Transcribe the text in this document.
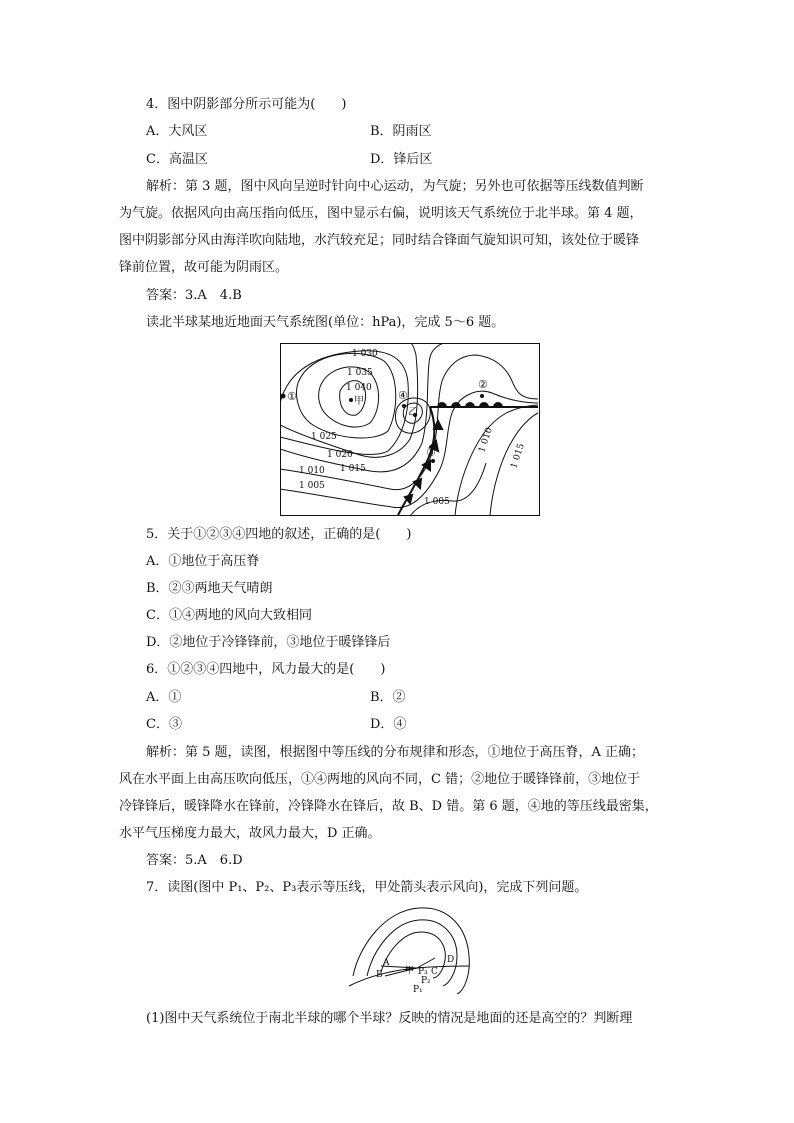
4．图中阴影部分所示可能为(　　)
A．大风区	B．阴雨区
C．高温区	D．锋后区
解析：第 3 题，图中风向呈逆时针向中心运动，为气旋；另外也可依据等压线数值判断
为气旋。依据风向由高压指向低压，图中显示右偏，说明该天气系统位于北半球。第 4 题，
图中阴影部分风由海洋吹向陆地，水汽较充足；同时结合锋面气旋知识可知，该处位于暖锋
锋前位置，故可能为阴雨区。
答案：3.A　4.B
读北半球某地近地面天气系统图(单位：hPa)，完成 5～6 题。
1 030
1 035
1 040
1 025
1 020
1 015
1 010
1 005
1 005
1 010
1 015
①
②
③
④
甲
乙
5．关于①②③④四地的叙述，正确的是(　　)
A．①地位于高压脊
B．②③两地天气晴朗
C．①④两地的风向大致相同
D．②地位于冷锋锋前，③地位于暖锋锋后
6．①②③④四地中，风力最大的是(　　)
A．①	B．②
C．③	D．④
解析：第 5 题，读图，根据图中等压线的分布规律和形态，①地位于高压脊，A 正确；
风在水平面上由高压吹向低压，①④两地的风向不同，C 错；②地位于暖锋锋前，③地位于
冷锋锋后，暖锋降水在锋前，冷锋降水在锋后，故 B、D 错。第 6 题，④地的等压线最密集，
水平气压梯度力最大，故风力最大，D 正确。
答案：5.A　6.D
7．读图(图中 P₁、P₂、P₃表示等压线，甲处箭头表示风向)，完成下列问题。
A
B 甲 P₃ C
D
P₂
P₁
(1)图中天气系统位于南北半球的哪个半球？反映的情况是地面的还是高空的？判断理
